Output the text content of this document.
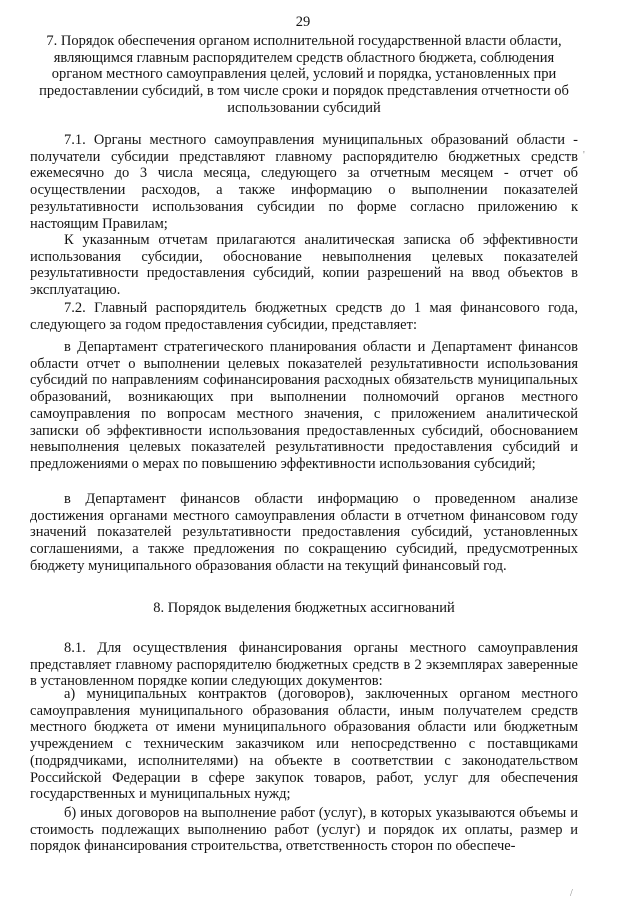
29

7. Порядок обеспечения органом исполнительной государственной власти области, являющимся главным распорядителем средств областного бюджета, соблюдения органом местного самоуправления целей, условий и порядка, установленных при предоставлении субсидий, в том числе сроки и порядок представления отчетности об использовании субсидий

7.1. Органы местного самоуправления муниципальных образований области - получатели субсидии представляют главному распорядителю бюджетных средств ежемесячно до 3 числа месяца, следующего за отчетным месяцем - отчет об осуществлении расходов, а также информацию о выполнении показателей результативности использования субсидии по форме согласно приложению к настоящим Правилам;

К указанным отчетам прилагаются аналитическая записка об эффективности использования субсидии, обоснование невыполнения целевых показателей результативности предоставления субсидий, копии разрешений на ввод объектов в эксплуатацию.

7.2. Главный распорядитель бюджетных средств до 1 мая финансового года, следующего за годом предоставления субсидии, представляет:

в Департамент стратегического планирования области и Департамент финансов области отчет о выполнении целевых показателей результативности использования субсидий по направлениям софинансирования расходных обязательств муниципальных образований, возникающих при выполнении полномочий органов местного самоуправления по вопросам местного значения, с приложением аналитической записки об эффективности использования предоставленных субсидий, обоснованием невыполнения целевых показателей результативности предоставления субсидий и предложениями о мерах по повышению эффективности использования субсидий;

в Департамент финансов области информацию о проведенном анализе достижения органами местного самоуправления области в отчетном финансовом году значений показателей результативности предоставления субсидий, установленных соглашениями, а также предложения по сокращению субсидий, предусмотренных бюджету муниципального образования области на текущий финансовый год.

8. Порядок выделения бюджетных ассигнований

8.1. Для осуществления финансирования органы местного самоуправления представляет главному распорядителю бюджетных средств в 2 экземплярах заверенные в установленном порядке копии следующих документов:

а) муниципальных контрактов (договоров), заключенных органом местного самоуправления муниципального образования области, иным получателем средств местного бюджета от имени муниципального образования области или бюджетным учреждением с техническим заказчиком или непосредственно с поставщиками (подрядчиками, исполнителями) на объекте в соответствии с законодательством Российской Федерации в сфере закупок товаров, работ, услуг для обеспечения государственных и муниципальных нужд;

б) иных договоров на выполнение работ (услуг), в которых указываются объемы и стоимость подлежащих выполнению работ (услуг) и порядок их оплаты, размер и порядок финансирования строительства, ответственность сторон по обеспече-

'
/
